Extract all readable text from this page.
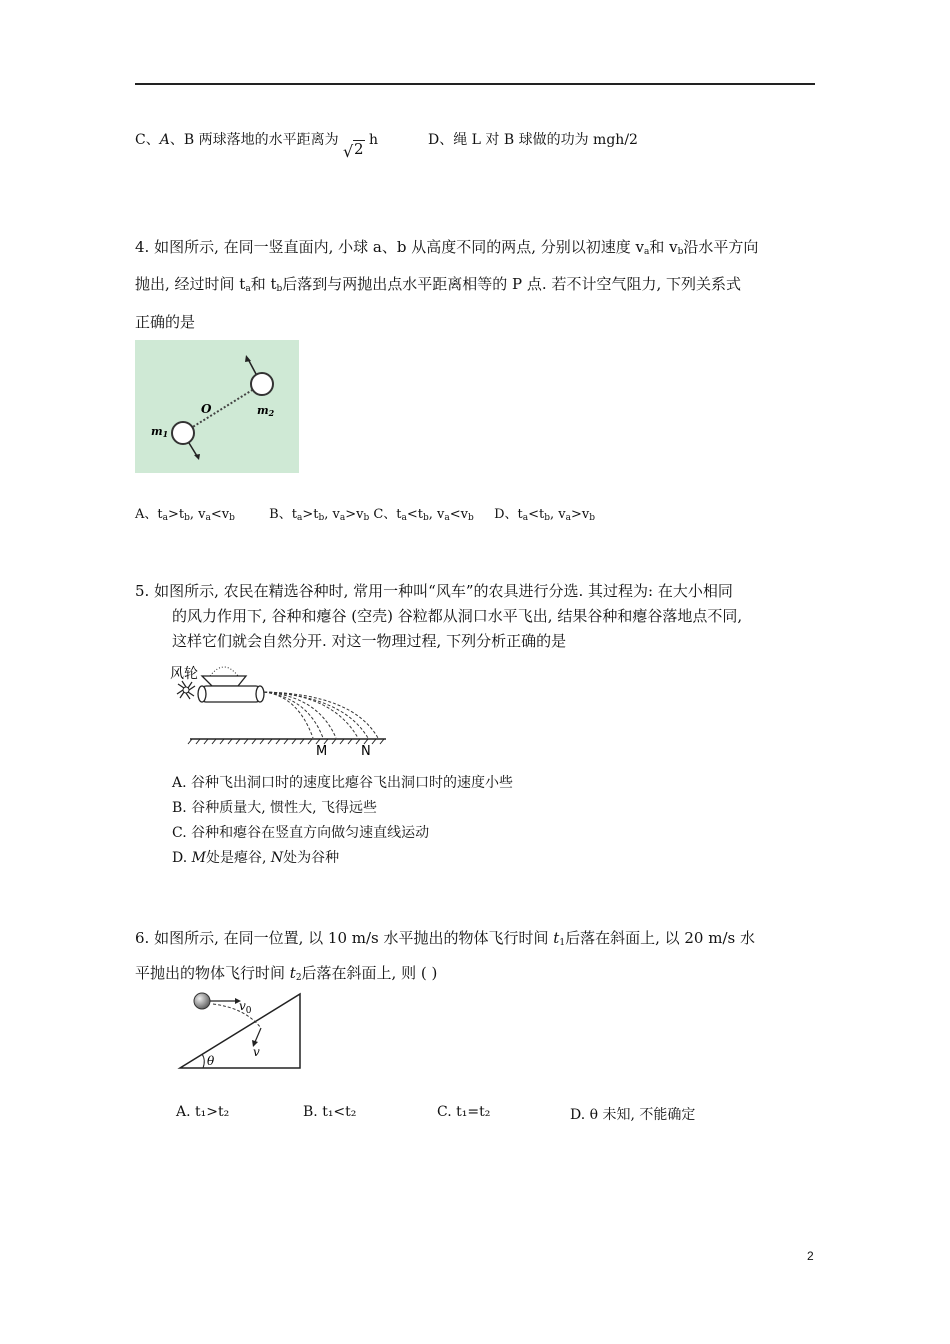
C、A、B 两球落地的水平距离为
√ 2 h	D、绳 L 对 B 球做的功为 mgh/2
4. 如图所示, 在同一竖直面内, 小球 a、b 从高度不同的两点, 分别以初速度 $v_a$和 $v_b$沿水平方向
抛出, 经过时间 $t_a$和 $t_b$后落到与两抛出点水平距离相等的 P 点. 若不计空气阻力, 下列关系式
正确的是
O	m2
m1
A、$t_a>t_b$, $v_a<v_b$	B、$t_a>t_b$, $v_a>v_b$ C、$t_a<t_b$, $v_a<v_b$ D、$t_a<t_b$, $v_a>v_b$
5. 如图所示, 农民在精选谷种时, 常用一种叫“风车”的农具进行分选. 其过程为: 在大小相同
的风力作用下, 谷种和瘪谷 (空壳) 谷粒都从洞口水平飞出, 结果谷种和瘪谷落地点不同,
这样它们就会自然分开. 对这一物理过程, 下列分析正确的是
风轮
M	N
A. 谷种飞出洞口时的速度比瘪谷飞出洞口时的速度小些
B. 谷种质量大, 惯性大, 飞得远些
C. 谷种和瘪谷在竖直方向做匀速直线运动
D. M处是瘪谷, N处为谷种
6. 如图所示, 在同一位置, 以 10 m/s 水平抛出的物体飞行时间 $t_1$后落在斜面上, 以 20 m/s 水
平抛出的物体飞行时间 $t_2$后落在斜面上, 则 ( )
$v_0$
v
θ
A. t₁>t₂	B. t₁<t₂	C. t₁=t₂	D. θ 未知, 不能确定
2
